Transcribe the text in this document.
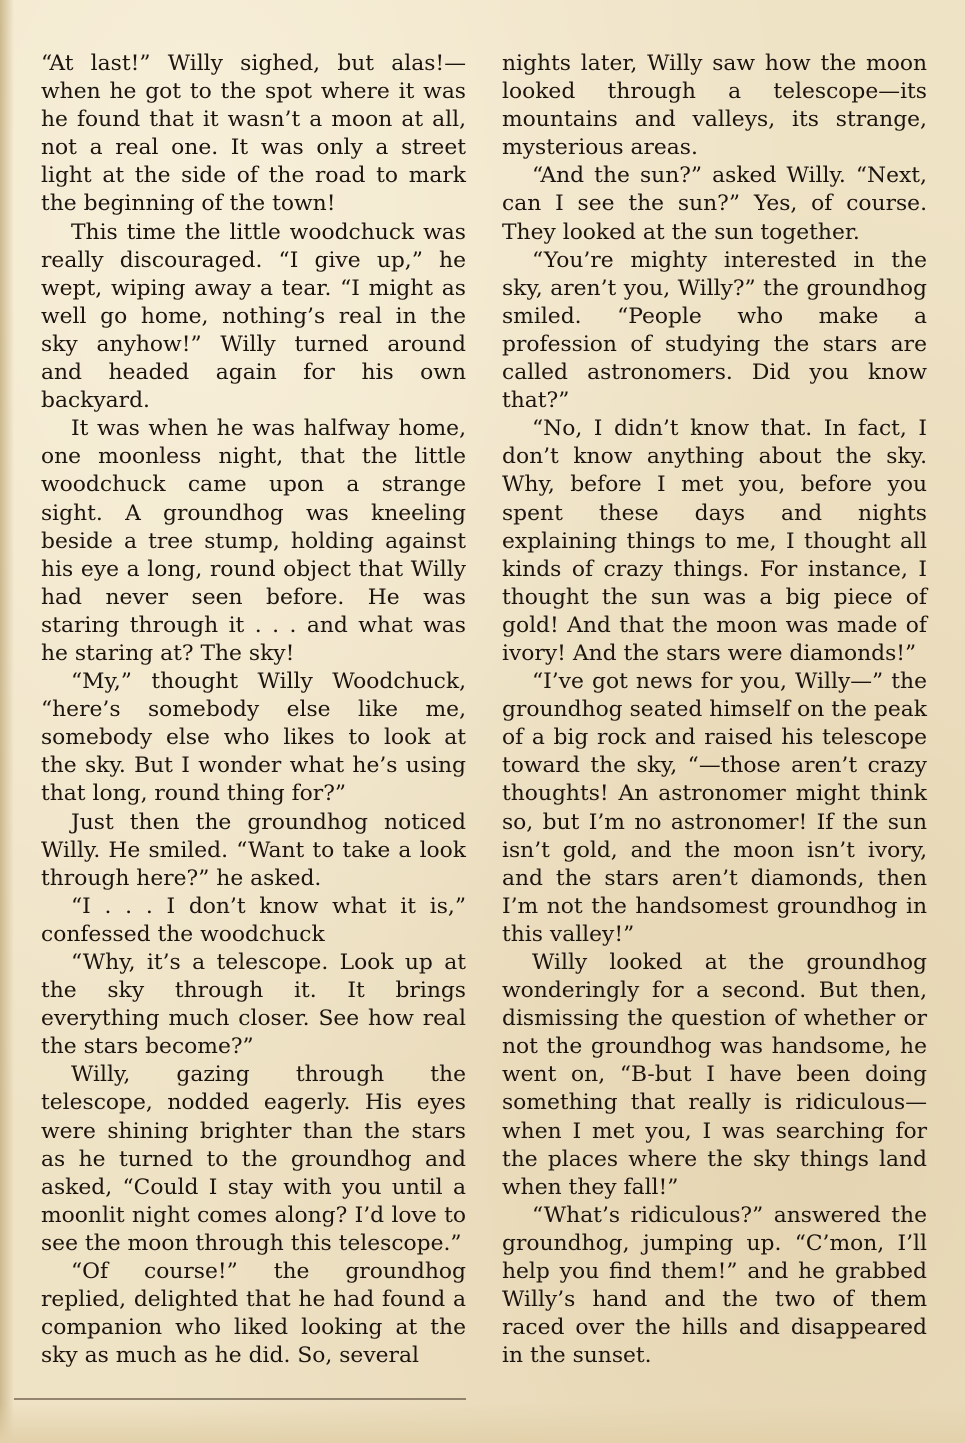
“At last!” Willy sighed, but alas!—when he got to the spot where it was he found that it wasn’t a moon at all, not a real one. It was only a street light at the side of the road to mark the beginning of the town!

This time the little woodchuck was really discouraged. “I give up,” he wept, wiping away a tear. “I might as well go home, nothing’s real in the sky anyhow!” Willy turned around and headed again for his own backyard.

It was when he was halfway home, one moonless night, that the little woodchuck came upon a strange sight. A groundhog was kneeling beside a tree stump, holding against his eye a long, round object that Willy had never seen before. He was staring through it . . . and what was he staring at? The sky!

“My,” thought Willy Woodchuck, “here’s somebody else like me, somebody else who likes to look at the sky. But I wonder what he’s using that long, round thing for?”

Just then the groundhog noticed Willy. He smiled. “Want to take a look through here?” he asked.

“I . . . I don’t know what it is,” confessed the woodchuck

“Why, it’s a telescope. Look up at the sky through it. It brings everything much closer. See how real the stars become?”

Willy, gazing through the telescope, nodded eagerly. His eyes were shining brighter than the stars as he turned to the groundhog and asked, “Could I stay with you until a moonlit night comes along? I’d love to see the moon through this telescope.”

“Of course!” the groundhog replied, delighted that he had found a companion who liked looking at the sky as much as he did. So, several

nights later, Willy saw how the moon looked through a telescope—its mountains and valleys, its strange, mysterious areas.

“And the sun?” asked Willy. “Next, can I see the sun?” Yes, of course. They looked at the sun together.

“You’re mighty interested in the sky, aren’t you, Willy?” the groundhog smiled. “People who make a profession of studying the stars are called astronomers. Did you know that?”

“No, I didn’t know that. In fact, I don’t know anything about the sky. Why, before I met you, before you spent these days and nights explaining things to me, I thought all kinds of crazy things. For instance, I thought the sun was a big piece of gold! And that the moon was made of ivory! And the stars were diamonds!”

“I’ve got news for you, Willy—” the groundhog seated himself on the peak of a big rock and raised his telescope toward the sky, “—those aren’t crazy thoughts! An astronomer might think so, but I’m no astronomer! If the sun isn’t gold, and the moon isn’t ivory, and the stars aren’t diamonds, then I’m not the handsomest groundhog in this valley!”

Willy looked at the groundhog wonderingly for a second. But then, dismissing the question of whether or not the groundhog was handsome, he went on, “B-but I have been doing something that really is ridiculous—when I met you, I was searching for the places where the sky things land when they fall!”

“What’s ridiculous?” answered the groundhog, jumping up. “C’mon, I’ll help you find them!” and he grabbed Willy’s hand and the two of them raced over the hills and disappeared in the sunset.
